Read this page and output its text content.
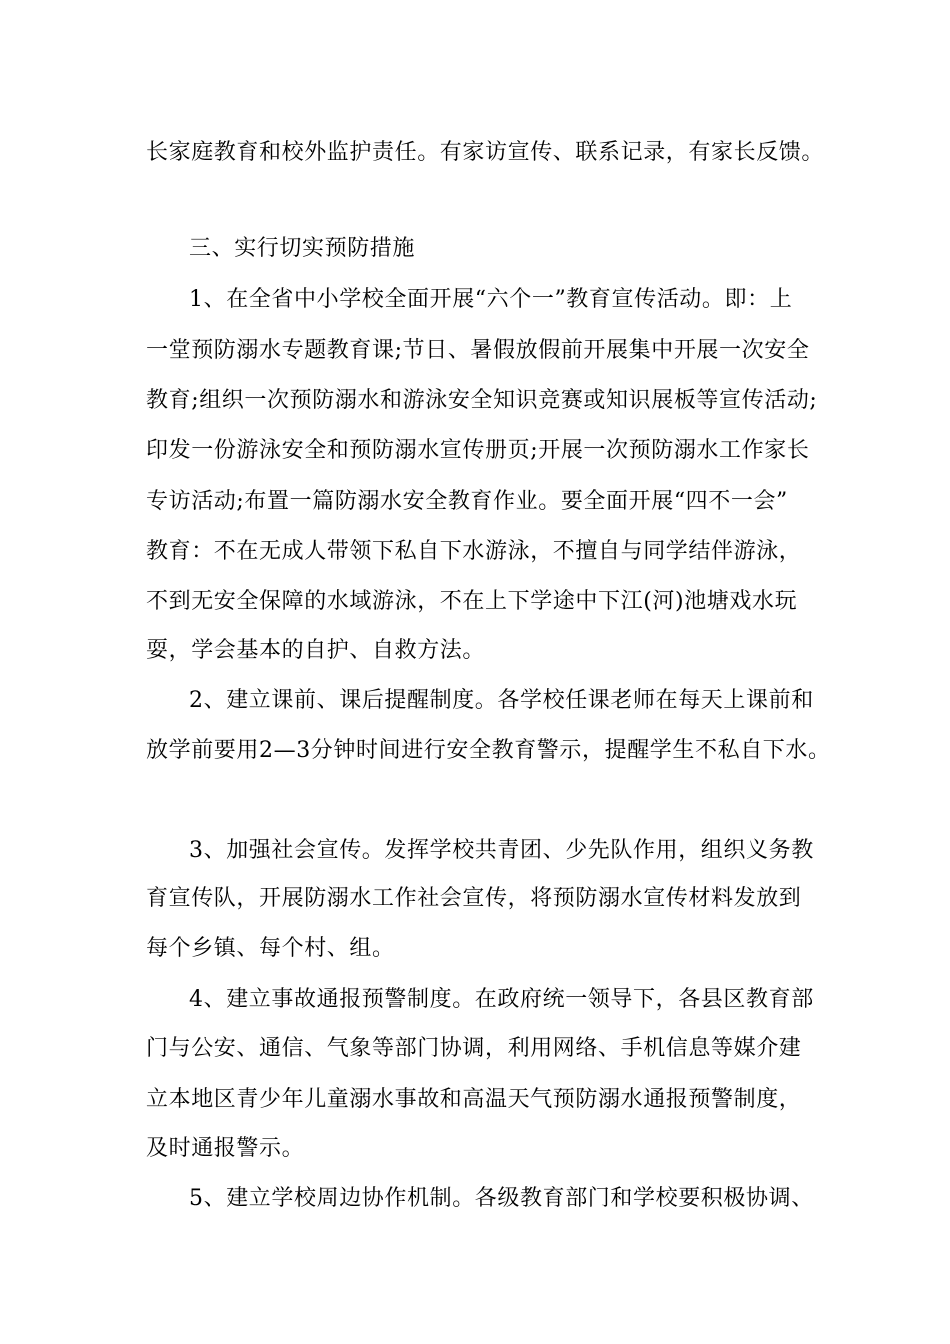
长家庭教育和校外监护责任。有家访宣传、联系记录，有家长反馈。
三、实行切实预防措施
1、在全省中小学校全面开展“六个一”教育宣传活动。即：上
一堂预防溺水专题教育课;节日、暑假放假前开展集中开展一次安全
教育;组织一次预防溺水和游泳安全知识竞赛或知识展板等宣传活动;
印发一份游泳安全和预防溺水宣传册页;开展一次预防溺水工作家长
专访活动;布置一篇防溺水安全教育作业。要全面开展“四不一会”
教育：不在无成人带领下私自下水游泳，不擅自与同学结伴游泳，
不到无安全保障的水域游泳，不在上下学途中下江(河)池塘戏水玩
耍，学会基本的自护、自救方法。
2、建立课前、课后提醒制度。各学校任课老师在每天上课前和
放学前要用2—3分钟时间进行安全教育警示，提醒学生不私自下水。
3、加强社会宣传。发挥学校共青团、少先队作用，组织义务教
育宣传队，开展防溺水工作社会宣传，将预防溺水宣传材料发放到
每个乡镇、每个村、组。
4、建立事故通报预警制度。在政府统一领导下，各县区教育部
门与公安、通信、气象等部门协调，利用网络、手机信息等媒介建
立本地区青少年儿童溺水事故和高温天气预防溺水通报预警制度，
及时通报警示。
5、建立学校周边协作机制。各级教育部门和学校要积极协调、
